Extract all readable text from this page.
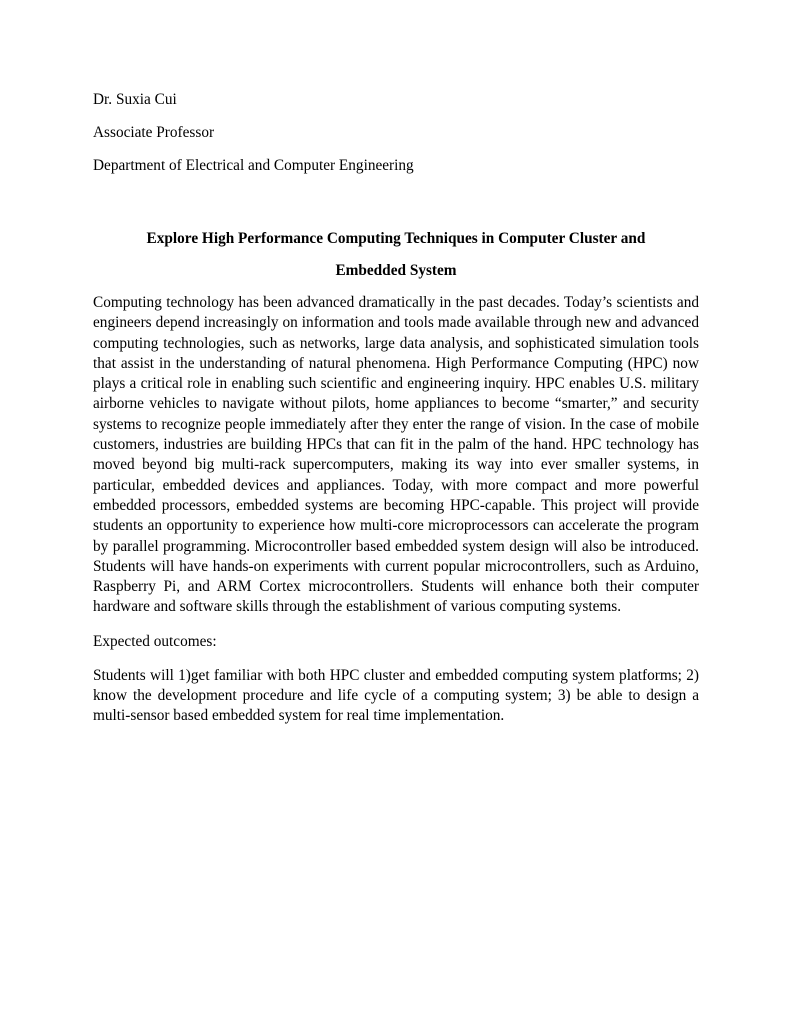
Dr. Suxia Cui

Associate Professor

Department of Electrical and Computer Engineering

Explore High Performance Computing Techniques in Computer Cluster and
Embedded System

Computing technology has been advanced dramatically in the past decades. Today’s scientists and engineers depend increasingly on information and tools made available through new and advanced computing technologies, such as networks, large data analysis, and sophisticated simulation tools that assist in the understanding of natural phenomena. High Performance Computing (HPC) now plays a critical role in enabling such scientific and engineering inquiry. HPC enables U.S. military airborne vehicles to navigate without pilots, home appliances to become “smarter,” and security systems to recognize people immediately after they enter the range of vision. In the case of mobile customers, industries are building HPCs that can fit in the palm of the hand. HPC technology has moved beyond big multi-rack supercomputers, making its way into ever smaller systems, in particular, embedded devices and appliances. Today, with more compact and more powerful embedded processors, embedded systems are becoming HPC-capable. This project will provide students an opportunity to experience how multi-core microprocessors can accelerate the program by parallel programming. Microcontroller based embedded system design will also be introduced. Students will have hands-on experiments with current popular microcontrollers, such as Arduino, Raspberry Pi, and ARM Cortex microcontrollers. Students will enhance both their computer hardware and software skills through the establishment of various computing systems.

Expected outcomes:

Students will 1)get familiar with both HPC cluster and embedded computing system platforms; 2) know the development procedure and life cycle of a computing system; 3) be able to design a multi-sensor based embedded system for real time implementation.
